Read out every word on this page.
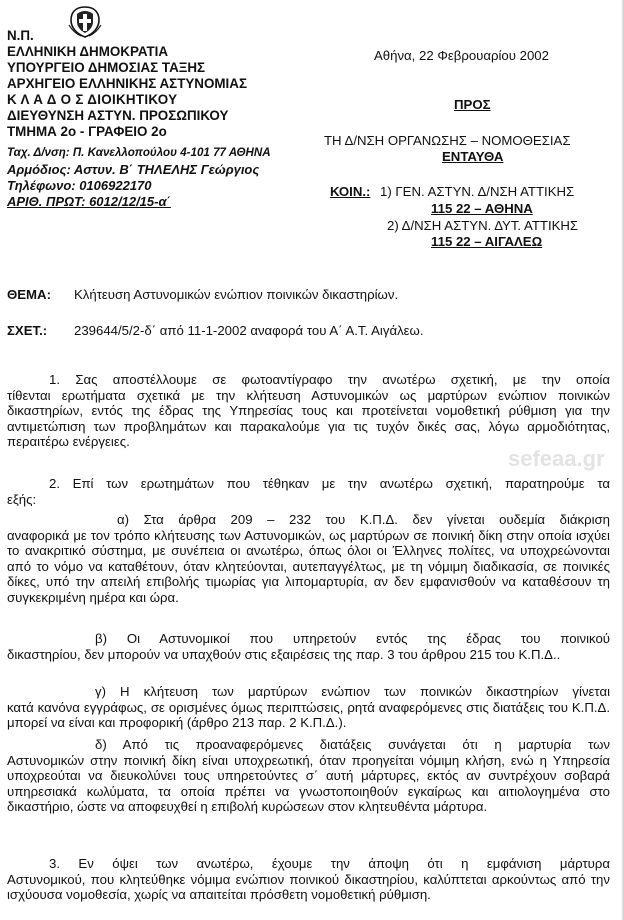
Ν.Π.
ΕΛΛΗΝΙΚΗ ΔΗΜΟΚΡΑΤΙΑ
ΥΠΟΥΡΓΕΙΟ ΔΗΜΟΣΙΑΣ ΤΑΞΗΣ
ΑΡΧΗΓΕΙΟ ΕΛΛΗΝΙΚΗΣ ΑΣΤΥΝΟΜΙΑΣ
Κ Λ Α Δ Ο Σ ΔΙΟΙΚΗΤΙΚΟΥ
ΔΙΕΥΘΥΝΣΗ ΑΣΤΥΝ. ΠΡΟΣΩΠΙΚΟΥ
ΤΜΗΜΑ 2ο - ΓΡΑΦΕΙΟ 2ο
Ταχ. Δ/νση: Π. Κανελλοπούλου 4-101 77 ΑΘΗΝΑ
Αρμόδιος: Αστυν. Β΄ ΤΗΛΕΛΗΣ Γεώργιος
Τηλέφωνο: 0106922170
ΑΡΙΘ. ΠΡΩΤ: 6012/12/15-α΄
Αθήνα, 22 Φεβρουαρίου 2002
ΠΡΟΣ
ΤΗ Δ/ΝΣΗ ΟΡΓΑΝΩΣΗΣ – ΝΟΜΟΘΕΣΙΑΣ
ΕΝΤΑΥΘΑ
ΚΟΙΝ.: 1) ΓΕΝ. ΑΣΤΥΝ. Δ/ΝΣΗ ΑΤΤΙΚΗΣ
115 22 – ΑΘΗΝΑ
2) Δ/ΝΣΗ ΑΣΤΥΝ. ΔΥΤ. ΑΤΤΙΚΗΣ
115 22 – ΑΙΓΑΛΕΩ
ΘΕΜΑ: Κλήτευση Αστυνομικών ενώπιον ποινικών δικαστηρίων.
ΣΧΕΤ.: 239644/5/2-δ΄ από 11-1-2002 αναφορά του Α΄ Α.Τ. Αιγάλεω.
sefeaa.gr
1. Σας αποστέλλουμε σε φωτοαντίγραφο την ανωτέρω σχετική, με την οποία
τίθενται ερωτήματα σχετικά με την κλήτευση Αστυνομικών ως μαρτύρων ενώπιον ποινικών δικαστηρίων, εντός της έδρας της Υπηρεσίας τους και προτείνεται νομοθετική ρύθμιση για την αντιμετώπιση των προβλημάτων και παρακαλούμε για τις τυχόν δικές σας, λόγω αρμοδιότητας, περαιτέρω ενέργειες.
2. Επί των ερωτημάτων που τέθηκαν με την ανωτέρω σχετική, παρατηρούμε τα
εξής:
α) Στα άρθρα 209 – 232 του Κ.Π.Δ. δεν γίνεται ουδεμία διάκριση
αναφορικά με τον τρόπο κλήτευσης των Αστυνομικών, ως μαρτύρων σε ποινική δίκη στην οποία ισχύει το ανακριτικό σύστημα, με συνέπεια οι ανωτέρω, όπως όλοι οι Έλληνες πολίτες, να υποχρεώνονται από το νόμο να καταθέτουν, όταν κλητεύονται, αυτεπαγγέλτως, με τη νόμιμη διαδικασία, σε ποινικές δίκες, υπό την απειλή επιβολής τιμωρίας για λιπομαρτυρία, αν δεν εμφανισθούν να καταθέσουν τη συγκεκριμένη ημέρα και ώρα.
β) Οι Αστυνομικοί που υπηρετούν εντός της έδρας του ποινικού
δικαστηρίου, δεν μπορούν να υπαχθούν στις εξαιρέσεις της παρ. 3 του άρθρου 215 του Κ.Π.Δ..
γ) Η κλήτευση των μαρτύρων ενώπιον των ποινικών δικαστηρίων γίνεται
κατά κανόνα εγγράφως, σε ορισμένες όμως περιπτώσεις, ρητά αναφερόμενες στις διατάξεις του Κ.Π.Δ. μπορεί να είναι και προφορική (άρθρο 213 παρ. 2 Κ.Π.Δ.).
δ) Από τις προαναφερόμενες διατάξεις συνάγεται ότι η μαρτυρία των
Αστυνομικών στην ποινική δίκη είναι υποχρεωτική, όταν προηγείται νόμιμη κλήση, ενώ η Υπηρεσία υποχρεούται να διευκολύνει τους υπηρετούντες σ΄ αυτή μάρτυρες, εκτός αν συντρέχουν σοβαρά υπηρεσιακά κωλύματα, τα οποία πρέπει να γνωστοποιηθούν εγκαίρως και αιτιολογημένα στο δικαστήριο, ώστε να αποφευχθεί η επιβολή κυρώσεων στον κλητευθέντα μάρτυρα.
3. Εν όψει των ανωτέρω, έχουμε την άποψη ότι η εμφάνιση μάρτυρα
Αστυνομικού, που κλητεύθηκε νόμιμα ενώπιον ποινικού δικαστηρίου, καλύπτεται αρκούντως από την ισχύουσα νομοθεσία, χωρίς να απαιτείται πρόσθετη νομοθετική ρύθμιση.
